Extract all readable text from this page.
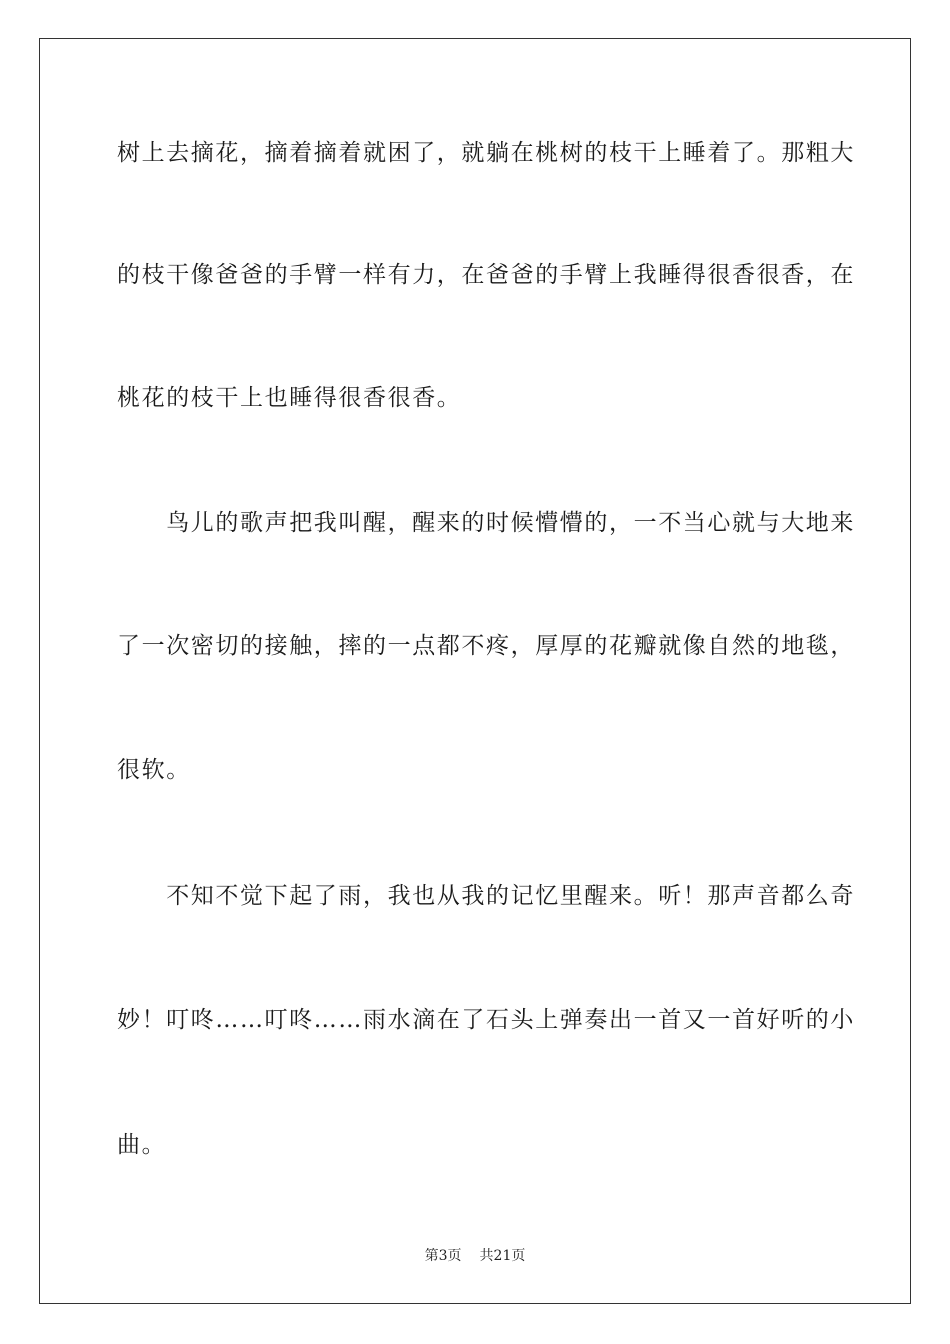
树上去摘花，摘着摘着就困了，就躺在桃树的枝干上睡着了。那粗大
的枝干像爸爸的手臂一样有力，在爸爸的手臂上我睡得很香很香，在
桃花的枝干上也睡得很香很香。
　　鸟儿的歌声把我叫醒，醒来的时候懵懵的，一不当心就与大地来
了一次密切的接触，摔的一点都不疼，厚厚的花瓣就像自然的地毯，
很软。
　　不知不觉下起了雨，我也从我的记忆里醒来。听！那声音都么奇
妙！叮咚……叮咚……雨水滴在了石头上弹奏出一首又一首好听的小
曲。
第3页 共21页
